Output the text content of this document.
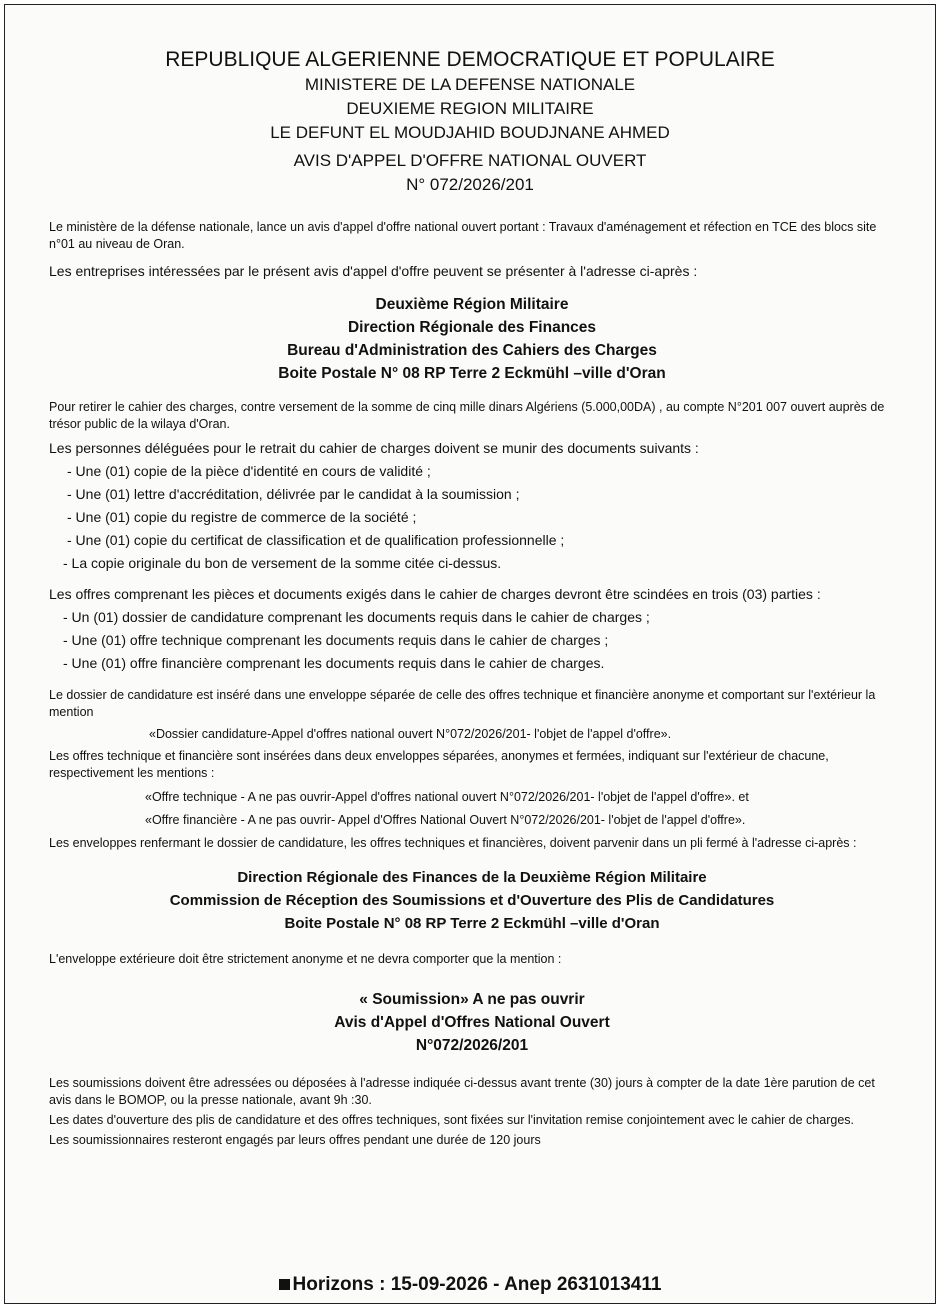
REPUBLIQUE ALGERIENNE DEMOCRATIQUE ET POPULAIRE
MINISTERE DE LA DEFENSE NATIONALE
DEUXIEME REGION MILITAIRE
LE DEFUNT EL MOUDJAHID BOUDJNANE AHMED
AVIS D'APPEL D'OFFRE NATIONAL OUVERT
N° 072/2026/201

Le ministère de la défense nationale, lance un avis d'appel d'offre national ouvert portant : Travaux d'aménagement et réfection en TCE des blocs site n°01 au niveau de Oran.

Les entreprises intéressées par le présent avis d'appel d'offre peuvent se présenter à l'adresse ci-après :

Deuxième Région Militaire
Direction Régionale des Finances
Bureau d'Administration des Cahiers des Charges
Boite Postale N° 08 RP Terre 2 Eckmühl –ville d'Oran

Pour retirer le cahier des charges, contre versement de la somme de cinq mille dinars Algériens (5.000,00DA) , au compte N°201 007 ouvert auprès de trésor public de la wilaya d'Oran.

Les personnes déléguées pour le retrait du cahier de charges doivent se munir des documents suivants :

- Une (01) copie de la pièce d'identité en cours de validité ;
- Une (01) lettre d'accréditation, délivrée par le candidat à la soumission ;
- Une (01) copie du registre de commerce de la société ;
- Une (01) copie du certificat de classification et de qualification professionnelle ;
- La copie originale du bon de versement de la somme citée ci-dessus.

Les offres comprenant les pièces et documents exigés dans le cahier de charges devront être scindées en trois (03) parties :

- Un (01) dossier de candidature comprenant les documents requis dans le cahier de charges ;
- Une (01) offre technique comprenant les documents requis dans le cahier de charges ;
- Une (01) offre financière comprenant les documents requis dans le cahier de charges.

Le dossier de candidature est inséré dans une enveloppe séparée de celle des offres technique et financière anonyme et comportant sur l'extérieur la mention

«Dossier candidature-Appel d'offres national ouvert N°072/2026/201- l'objet de l'appel d'offre».

Les offres technique et financière sont insérées dans deux enveloppes séparées, anonymes et fermées, indiquant sur l'extérieur de chacune, respectivement les mentions :

«Offre technique - A ne pas ouvrir-Appel d'offres national ouvert N°072/2026/201- l'objet de l'appel d'offre». et
«Offre financière - A ne pas ouvrir- Appel d'Offres National Ouvert N°072/2026/201- l'objet de l'appel d'offre».

Les enveloppes renfermant le dossier de candidature, les offres techniques et financières, doivent parvenir dans un pli fermé à l'adresse ci-après :

Direction Régionale des Finances de la Deuxième Région Militaire
Commission de Réception des Soumissions et d'Ouverture des Plis de Candidatures
Boite Postale N° 08 RP Terre 2 Eckmühl –ville d'Oran

L'enveloppe extérieure doit être strictement anonyme et ne devra comporter que la mention :

« Soumission» A ne pas ouvrir
Avis d'Appel d'Offres National Ouvert
N°072/2026/201

Les soumissions doivent être adressées ou déposées à l'adresse indiquée ci-dessus avant trente (30) jours à compter de la date 1ère parution de cet avis dans le BOMOP, ou la presse nationale, avant 9h :30.

Les dates d'ouverture des plis de candidature et des offres techniques, sont fixées sur l'invitation remise conjointement avec le cahier de charges.

Les soumissionnaires resteront engagés par leurs offres pendant une durée de 120 jours

Horizons : 15-09-2026 - Anep 2631013411
